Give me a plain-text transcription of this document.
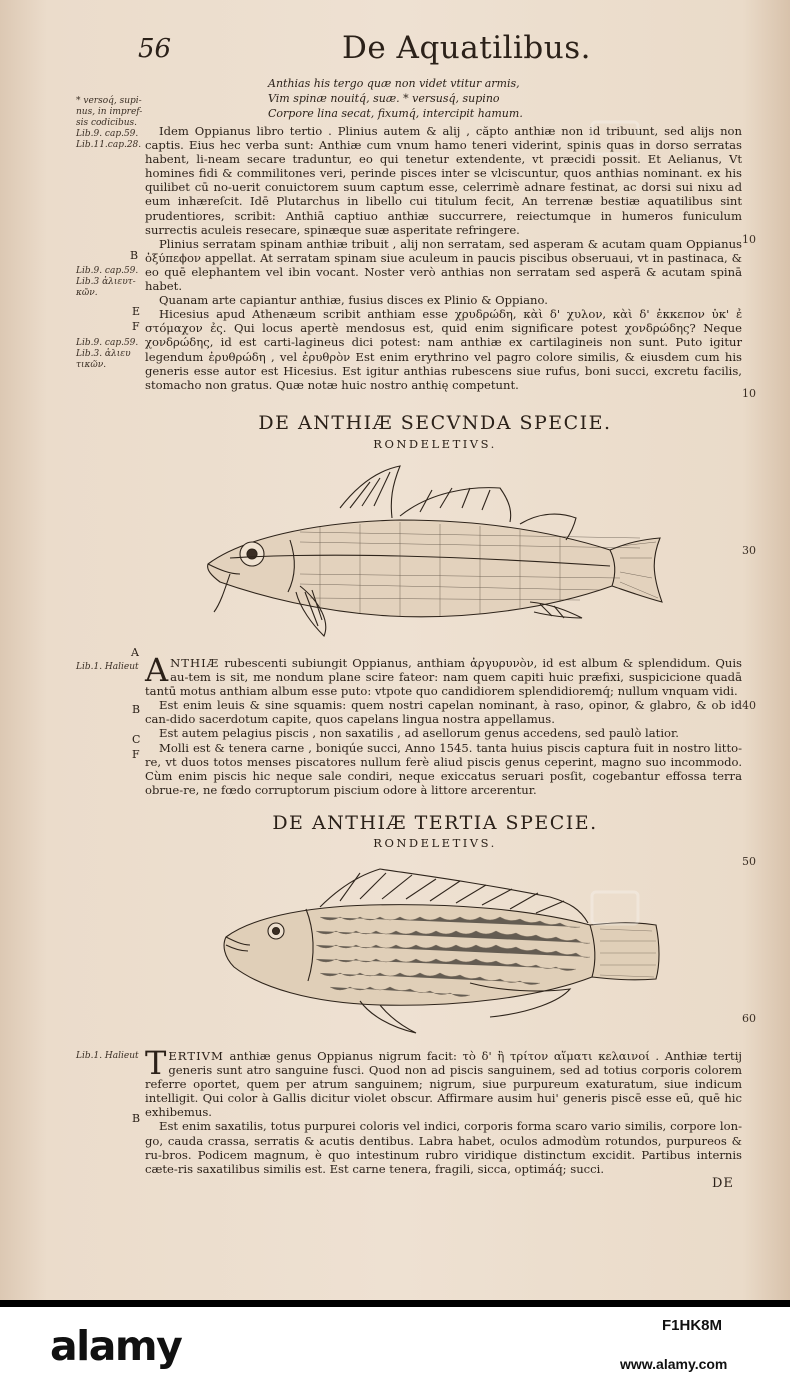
56	De Aquatilibus.
Anthias his tergo quæ non videt vtitur armis,
Vim spinæ nouitq́, suæ. * versusq́, supino
Corpore lina secat, fixumq́, intercipit hamum.
* versoq́, supi-
nus, in impref-
sis codicibus.
Lib.9. cap.59.
Lib.11.cap.28.
Lib.9. cap.59.
Lib.3 ἁλιευτ-
κῶν.
Lib.9. cap.59.
Lib.3. ἁλιευ
τικῶν.
Lib.1. Halieut
Lib.1. Halieut
10
10
30
40
50
60
B
E
F

Idem Oppianus libro tertio . Plinius autem & alij , căpto anthiæ non id tribuunt, sed alijs non captis. Eius hec verba sunt: Anthiæ cum vnum hamo teneri viderint, spinis quas in dorso serratas habent, li-neam secare traduntur, eo qui tenetur extendente, vt præcidi possit. Et Aelianus, Vt homines fidi & commilitones veri, perinde pisces inter se vlciscuntur, quos anthias nominant. ex his quilibet cū no-uerit conuictorem suum captum esse, celerrimè adnare festinat, ac dorsi sui nixu ad eum inhæreſcit. Idē Plutarchus in libello cui titulum fecit, An terrenæ bestiæ aquatilibus sint prudentiores, scribit: Anthiā captiuo anthiæ succurrere, reiectumque in humeros funiculum surrectis aculeis resecare, spinæque suæ asperitate refringere.

Plinius serratam spinam anthiæ tribuit , alij non serratam, sed asperam & acutam quam Oppianus ὀξύπεϕον appellat. At serratam spinam siue aculeum in paucis piscibus obseruaui, vt in pastinaca, & eo quē elephantem vel ibin vocant. Noster verò anthias non serratam sed asperā & acutam spinā habet.

Quanam arte capiantur anthiæ, fusius disces ex Plinio & Oppiano.

Hicesius apud Athenæum scribit anthiam esse χρυδρώδη, κὰὶ δ' χυλον, κὰὶ δ' ἐκκεπον ὐκ' ε̉ στόμαχον ε̉ς. Qui locus apertè mendosus est, quid enim significare potest χονδρώδης? Neque χονδρώδης, id est carti-lagineus dici potest: nam anthiæ ex cartilagineis non sunt. Puto igitur legendum ἐρυθρώδη , vel ἐρυθρὸν Est enim erythrino vel pagro colore similis, & eiusdem cum his generis esse autor est Hicesius. Est igitur anthias rubescens siue rufus, boni succi, excretu facilis, stomacho non gratus. Quæ notæ huic nostro anthię competunt.

DE ANTHIÆ SECVNDA SPECIE.
RONDELETIVS.
A
B
C
F

ANTHIÆ rubescenti subiungit Oppianus, anthiam ἀργυρυνὸν, id est album & splendidum. Quis au-tem is sit, me nondum plane scire fateor: nam quem capiti huic præfixi, suspicicione quadā tantū motus anthiam album esse puto: vtpote quo candidiorem splendidioremq́; nullum vnquam vidi.

Est enim leuis & sine squamis: quem nostri capelan nominant, à raso, opinor, & glabro, & ob id can-dido sacerdotum capite, quos capelans lingua nostra appellamus.

Est autem pelagius piscis , non saxatilis , ad asellorum genus accedens, sed paulò latior.

Molli est & tenera carne , boniqúe succi, Anno 1545. tanta huius piscis captura fuit in nostro litto-re, vt duos totos menses piscatores nullum ferè aliud piscis genus ceperint, magno suo incommodo. Cùm enim piscis hic neque sale condiri, neque exiccatus seruari posſit, cogebantur effossa terra obrue-re, ne fœdo corruptorum piscium odore à littore arcerentur.

DE ANTHIÆ TERTIA SPECIE.
RONDELETIVS.
B

TERTIVM anthiæ genus Oppianus nigrum facit: τὸ δ' ἢ τρίτον αἵματι κελαινοί . Anthiæ tertij generis sunt atro sanguine fusci. Quod non ad piscis sanguinem, sed ad totius corporis colorem referre oportet, quem per atrum sanguinem; nigrum, siue purpureum exaturatum, siue indicum intelligit. Qui color à Gallis dicitur violet obscur. Affirmare ausim hui' generis piscē esse eū, quē hic exhibemus.

Est enim saxatilis, totus purpurei coloris vel indici, corporis forma scaro vario similis, corpore lon-go, cauda crassa, serratis & acutis dentibus. Labra habet, oculos admodùm rotundos, purpureos & ru-bros. Podicem magnum, è quo intestinum rubro viridique distinctum excidit. Partibus internis cæte-ris saxatilibus similis est. Est carne tenera, fragili, sicca, optimáq́; succi.

DE
alamy	F1HK8M
www.alamy.com
